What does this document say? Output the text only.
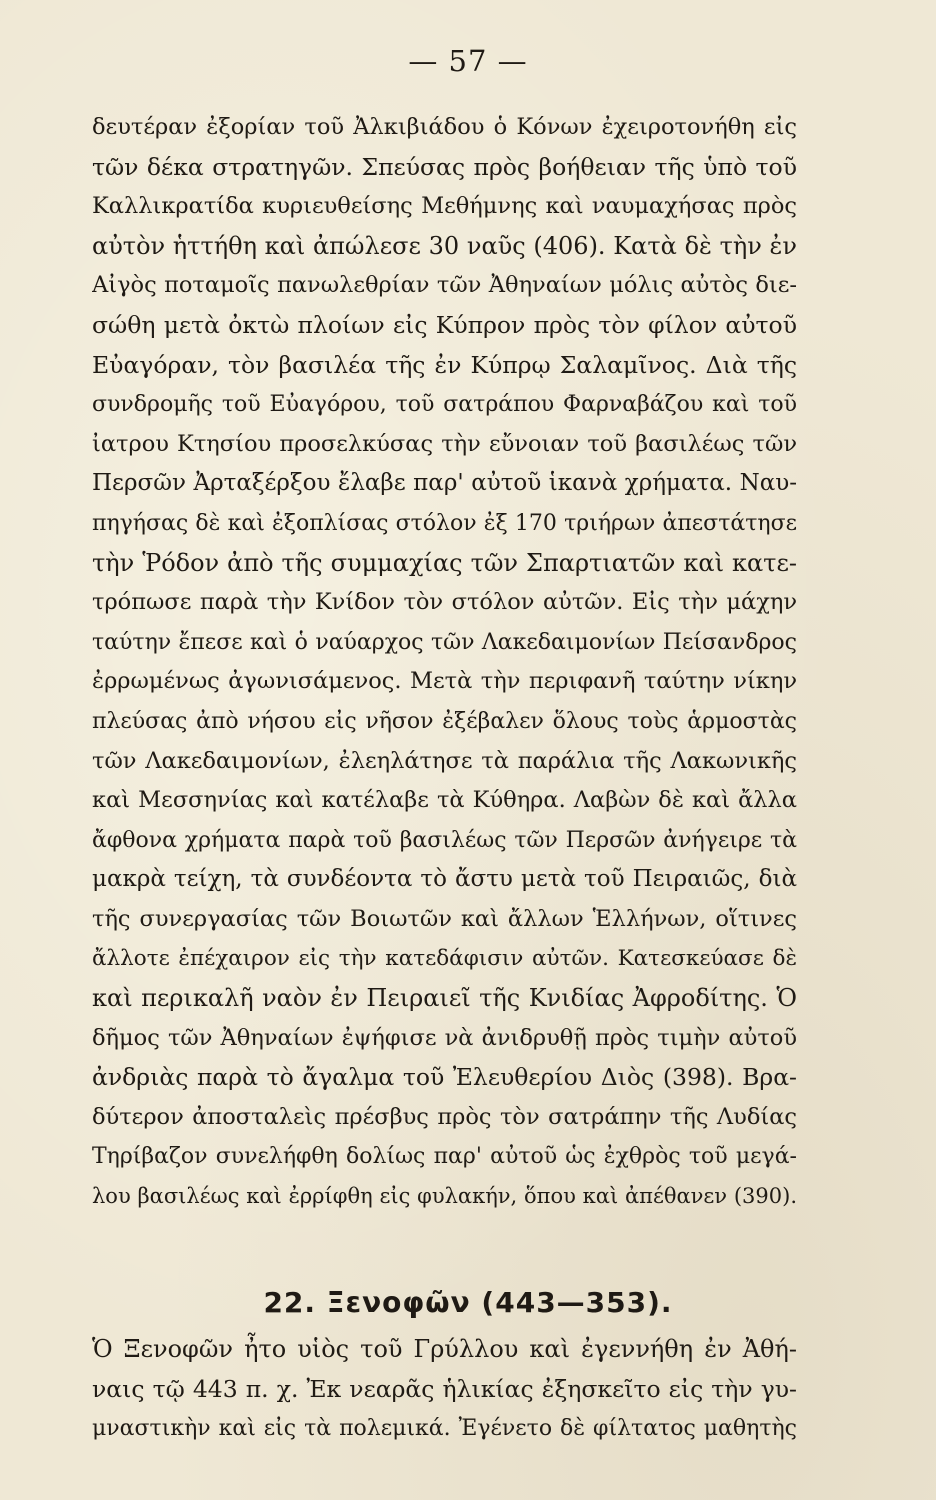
— 57 —
δευτέραν ἐξορίαν τοῦ Ἀλκιβιάδου ὁ Κόνων ἐχειροτονήθη εἰς
τῶν δέκα στρατηγῶν. Σπεύσας πρὸς βοήθειαν τῆς ὑπὸ τοῦ
Καλλικρατίδα κυριευθείσης Μεθήμνης καὶ ναυμαχήσας πρὸς
αὐτὸν ἡττήθη καὶ ἀπώλεσε 30 ναῦς (406). Κατὰ δὲ τὴν ἐν
Αἰγὸς ποταμοῖς πανωλεθρίαν τῶν Ἀθηναίων μόλις αὐτὸς διε-
σώθη μετὰ ὀκτὼ πλοίων εἰς Κύπρον πρὸς τὸν φίλον αὐτοῦ
Εὐαγόραν, τὸν βασιλέα τῆς ἐν Κύπρῳ Σαλαμῖνος. Διὰ τῆς
συνδρομῆς τοῦ Εὐαγόρου, τοῦ σατράπου Φαρναβάζου καὶ τοῦ
ἰατρου Κτησίου προσελκύσας τὴν εὔνοιαν τοῦ βασιλέως τῶν
Περσῶν Ἀρταξέρξου ἔλαβε παρ' αὐτοῦ ἱκανὰ χρήματα. Ναυ-
πηγήσας δὲ καὶ ἐξοπλίσας στόλον ἐξ 170 τριήρων ἀπεστάτησε
τὴν Ῥόδον ἀπὸ τῆς συμμαχίας τῶν Σπαρτιατῶν καὶ κατε-
τρόπωσε παρὰ τὴν Κνίδον τὸν στόλον αὐτῶν. Εἰς τὴν μάχην
ταύτην ἔπεσε καὶ ὁ ναύαρχος τῶν Λακεδαιμονίων Πείσανδρος
ἐρρωμένως ἀγωνισάμενος. Μετὰ τὴν περιφανῆ ταύτην νίκην
πλεύσας ἀπὸ νήσου εἰς νῆσον ἐξέβαλεν ὅλους τοὺς ἁρμοστὰς
τῶν Λακεδαιμονίων, ἐλεηλάτησε τὰ παράλια τῆς Λακωνικῆς
καὶ Μεσσηνίας καὶ κατέλαβε τὰ Κύθηρα. Λαβὼν δὲ καὶ ἄλλα
ἄφθονα χρήματα παρὰ τοῦ βασιλέως τῶν Περσῶν ἀνήγειρε τὰ
μακρὰ τείχη, τὰ συνδέοντα τὸ ἄστυ μετὰ τοῦ Πειραιῶς, διὰ
τῆς συνεργασίας τῶν Βοιωτῶν καὶ ἄλλων Ἑλλήνων, οἵτινες
ἄλλοτε ἐπέχαιρον εἰς τὴν κατεδάφισιν αὐτῶν. Κατεσκεύασε δὲ
καὶ περικαλῆ ναὸν ἐν Πειραιεῖ τῆς Κνιδίας Ἀφροδίτης. Ὁ
δῆμος τῶν Ἀθηναίων ἐψήφισε νὰ ἀνιδρυθῇ πρὸς τιμὴν αὐτοῦ
ἀνδριὰς παρὰ τὸ ἄγαλμα τοῦ Ἐλευθερίου Διὸς (398). Βρα-
δύτερον ἀποσταλεὶς πρέσβυς πρὸς τὸν σατράπην τῆς Λυδίας
Τηρίβαζον συνελήφθη δολίως παρ' αὐτοῦ ὡς ἐχθρὸς τοῦ μεγά-
λου βασιλέως καὶ ἐρρίφθη εἰς φυλακήν, ὅπου καὶ ἀπέθανεν (390).
22. Ξενοφῶν (443—353).
Ὁ Ξενοφῶν ἦτο υἱὸς τοῦ Γρύλλου καὶ ἐγεννήθη ἐν Ἀθή-
ναις τῷ 443 π. χ. Ἐκ νεαρᾶς ἡλικίας ἐξησκεῖτο εἰς τὴν γυ-
μναστικὴν καὶ εἰς τὰ πολεμικά. Ἐγένετο δὲ φίλτατος μαθητὴς
